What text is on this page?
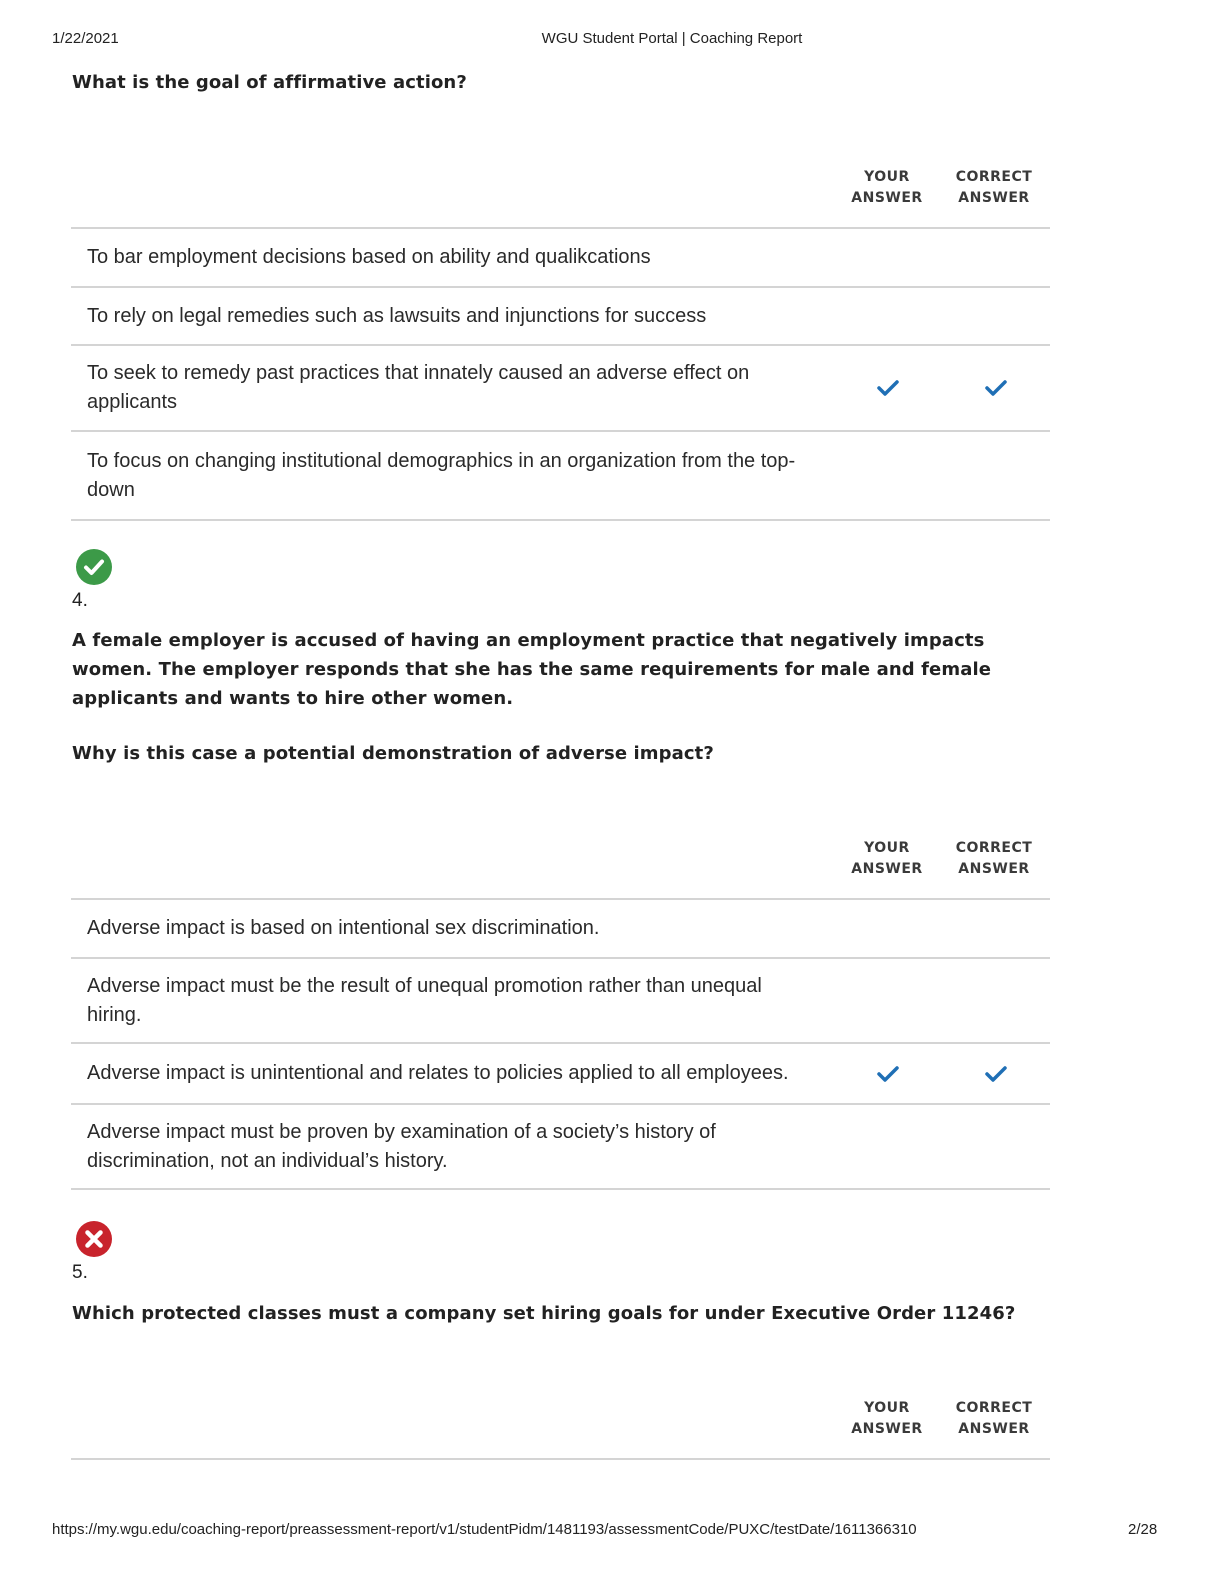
1/22/2021	WGU Student Portal | Coaching Report
What is the goal of affirmative action?
YOUR
ANSWER
CORRECT
ANSWER
To bar employment decisions based on ability and qualikcations
To rely on legal remedies such as lawsuits and injunctions for success
To seek to remedy past practices that innately caused an adverse effect on applicants
To focus on changing institutional demographics in an organization from the top-down
4.
A female employer is accused of having an employment practice that negatively impacts women. The employer responds that she has the same requirements for male and female applicants and wants to hire other women.
Why is this case a potential demonstration of adverse impact?
YOUR
ANSWER
CORRECT
ANSWER
Adverse impact is based on intentional sex discrimination.
Adverse impact must be the result of unequal promotion rather than unequal hiring.
Adverse impact is unintentional and relates to policies applied to all employees.
Adverse impact must be proven by examination of a society’s history of discrimination, not an individual’s history.
5.
Which protected classes must a company set hiring goals for under Executive Order 11246?
YOUR
ANSWER
CORRECT
ANSWER
https://my.wgu.edu/coaching-report/preassessment-report/v1/studentPidm/1481193/assessmentCode/PUXC/testDate/1611366310	2/28
